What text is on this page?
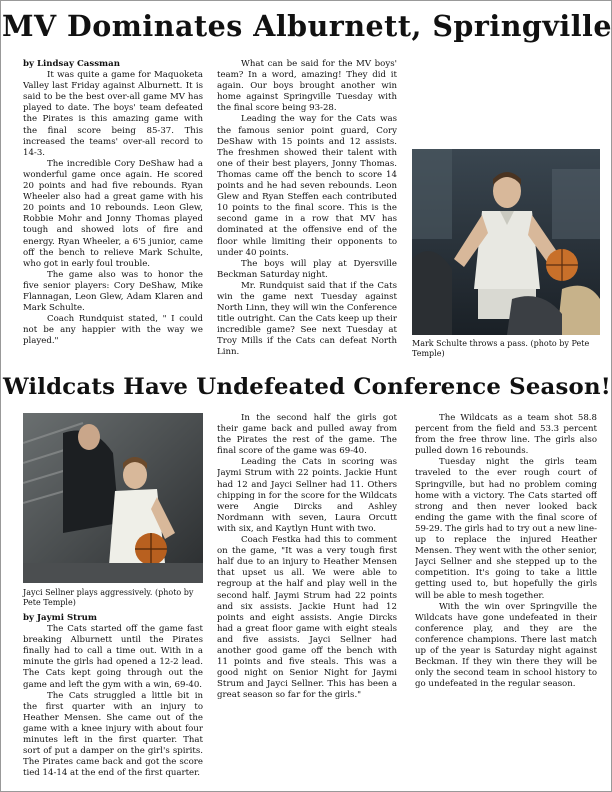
MV Dominates Alburnett, Springville

by Lindsay Cassman

It was quite a game for Maquoketa Valley last Friday against Alburnett. It is said to be the best over-all game MV has played to date. The boys' team defeated the Pirates is this amazing game with the final score being 85-37. This increased the teams' over-all record to 14-3.

The incredible Cory DeShaw had a wonderful game once again. He scored 20 points and had five rebounds. Ryan Wheeler also had a great game with his 20 points and 10 rebounds. Leon Glew, Robbie Mohr and Jonny Thomas played tough and showed lots of fire and energy. Ryan Wheeler, a 6'5 junior, came off the bench to relieve Mark Schulte, who got in early foul trouble.

The game also was to honor the five senior players: Cory DeShaw, Mike Flannagan, Leon Glew, Adam Klaren and Mark Schulte.

Coach Rundquist stated, " I could not be any happier with the way we played."

What can be said for the MV boys' team? In a word, amazing! They did it again. Our boys brought another win home against Springville Tuesday with the final score being 93-28.

Leading the way for the Cats was the famous senior point guard, Cory DeShaw with 15 points and 12 assists. The freshmen showed their talent with one of their best players, Jonny Thomas. Thomas came off the bench to score 14 points and he had seven rebounds. Leon Glew and Ryan Steffen each contributed 10 points to the final score. This is the second game in a row that MV has dominated at the offensive end of the floor while limiting their opponents to under 40 points.

The boys will play at Dyersville Beckman Saturday night.

Mr. Rundquist said that if the Cats win the game next Tuesday against North Linn, they will win the Conference title outright. Can the Cats keep up their incredible game? See next Tuesday at Troy Mills if the Cats can defeat North Linn.

Mark Schulte throws a pass. (photo by Pete Temple)
Wildcats Have Undefeated Conference Season!
Jayci Sellner plays aggressively. (photo by Pete Temple)

by Jaymi Strum

The Cats started off the game fast breaking Alburnett until the Pirates finally had to call a time out. With in a minute the girls had opened a 12-2 lead. The Cats kept going through out the game and left the gym with a win, 69-40.

The Cats struggled a little bit in the first quarter with an injury to Heather Mensen. She came out of the game with a knee injury with about four minutes left in the first quarter. That sort of put a damper on the girl's spirits. The Pirates came back and got the score tied 14-14 at the end of the first quarter.

In the second half the girls got their game back and pulled away from the Pirates the rest of the game. The final score of the game was 69-40.

Leading the Cats in scoring was Jaymi Strum with 22 points. Jackie Hunt had 12 and Jayci Sellner had 11. Others chipping in for the score for the Wildcats were Angie Dircks and Ashley Nordmann with seven, Laura Orcutt with six, and Kaytlyn Hunt with two.

Coach Festka had this to comment on the game, "It was a very tough first half due to an injury to Heather Mensen that upset us all. We were able to regroup at the half and play well in the second half. Jaymi Strum had 22 points and six assists. Jackie Hunt had 12 points and eight assists. Angie Dircks had a great floor game with eight steals and five assists. Jayci Sellner had another good game off the bench with 11 points and five steals. This was a good night on Senior Night for Jaymi Strum and Jayci Sellner. This has been a great season so far for the girls."

The Wildcats as a team shot 58.8 percent from the field and 53.3 percent from the free throw line. The girls also pulled down 16 rebounds.

Tuesday night the girls team traveled to the ever rough court of Springville, but had no problem coming home with a victory. The Cats started off strong and then never looked back ending the game with the final score of 59-29. The girls had to try out a new line-up to replace the injured Heather Mensen. They went with the other senior, Jayci Sellner and she stepped up to the competition. It's going to take a little getting used to, but hopefully the girls will be able to mesh together.

With the win over Springville the Wildcats have gone undefeated in their conference play, and they are the conference champions. There last match up of the year is Saturday night against Beckman. If they win there they will be only the second team in school history to go undefeated in the regular season.
